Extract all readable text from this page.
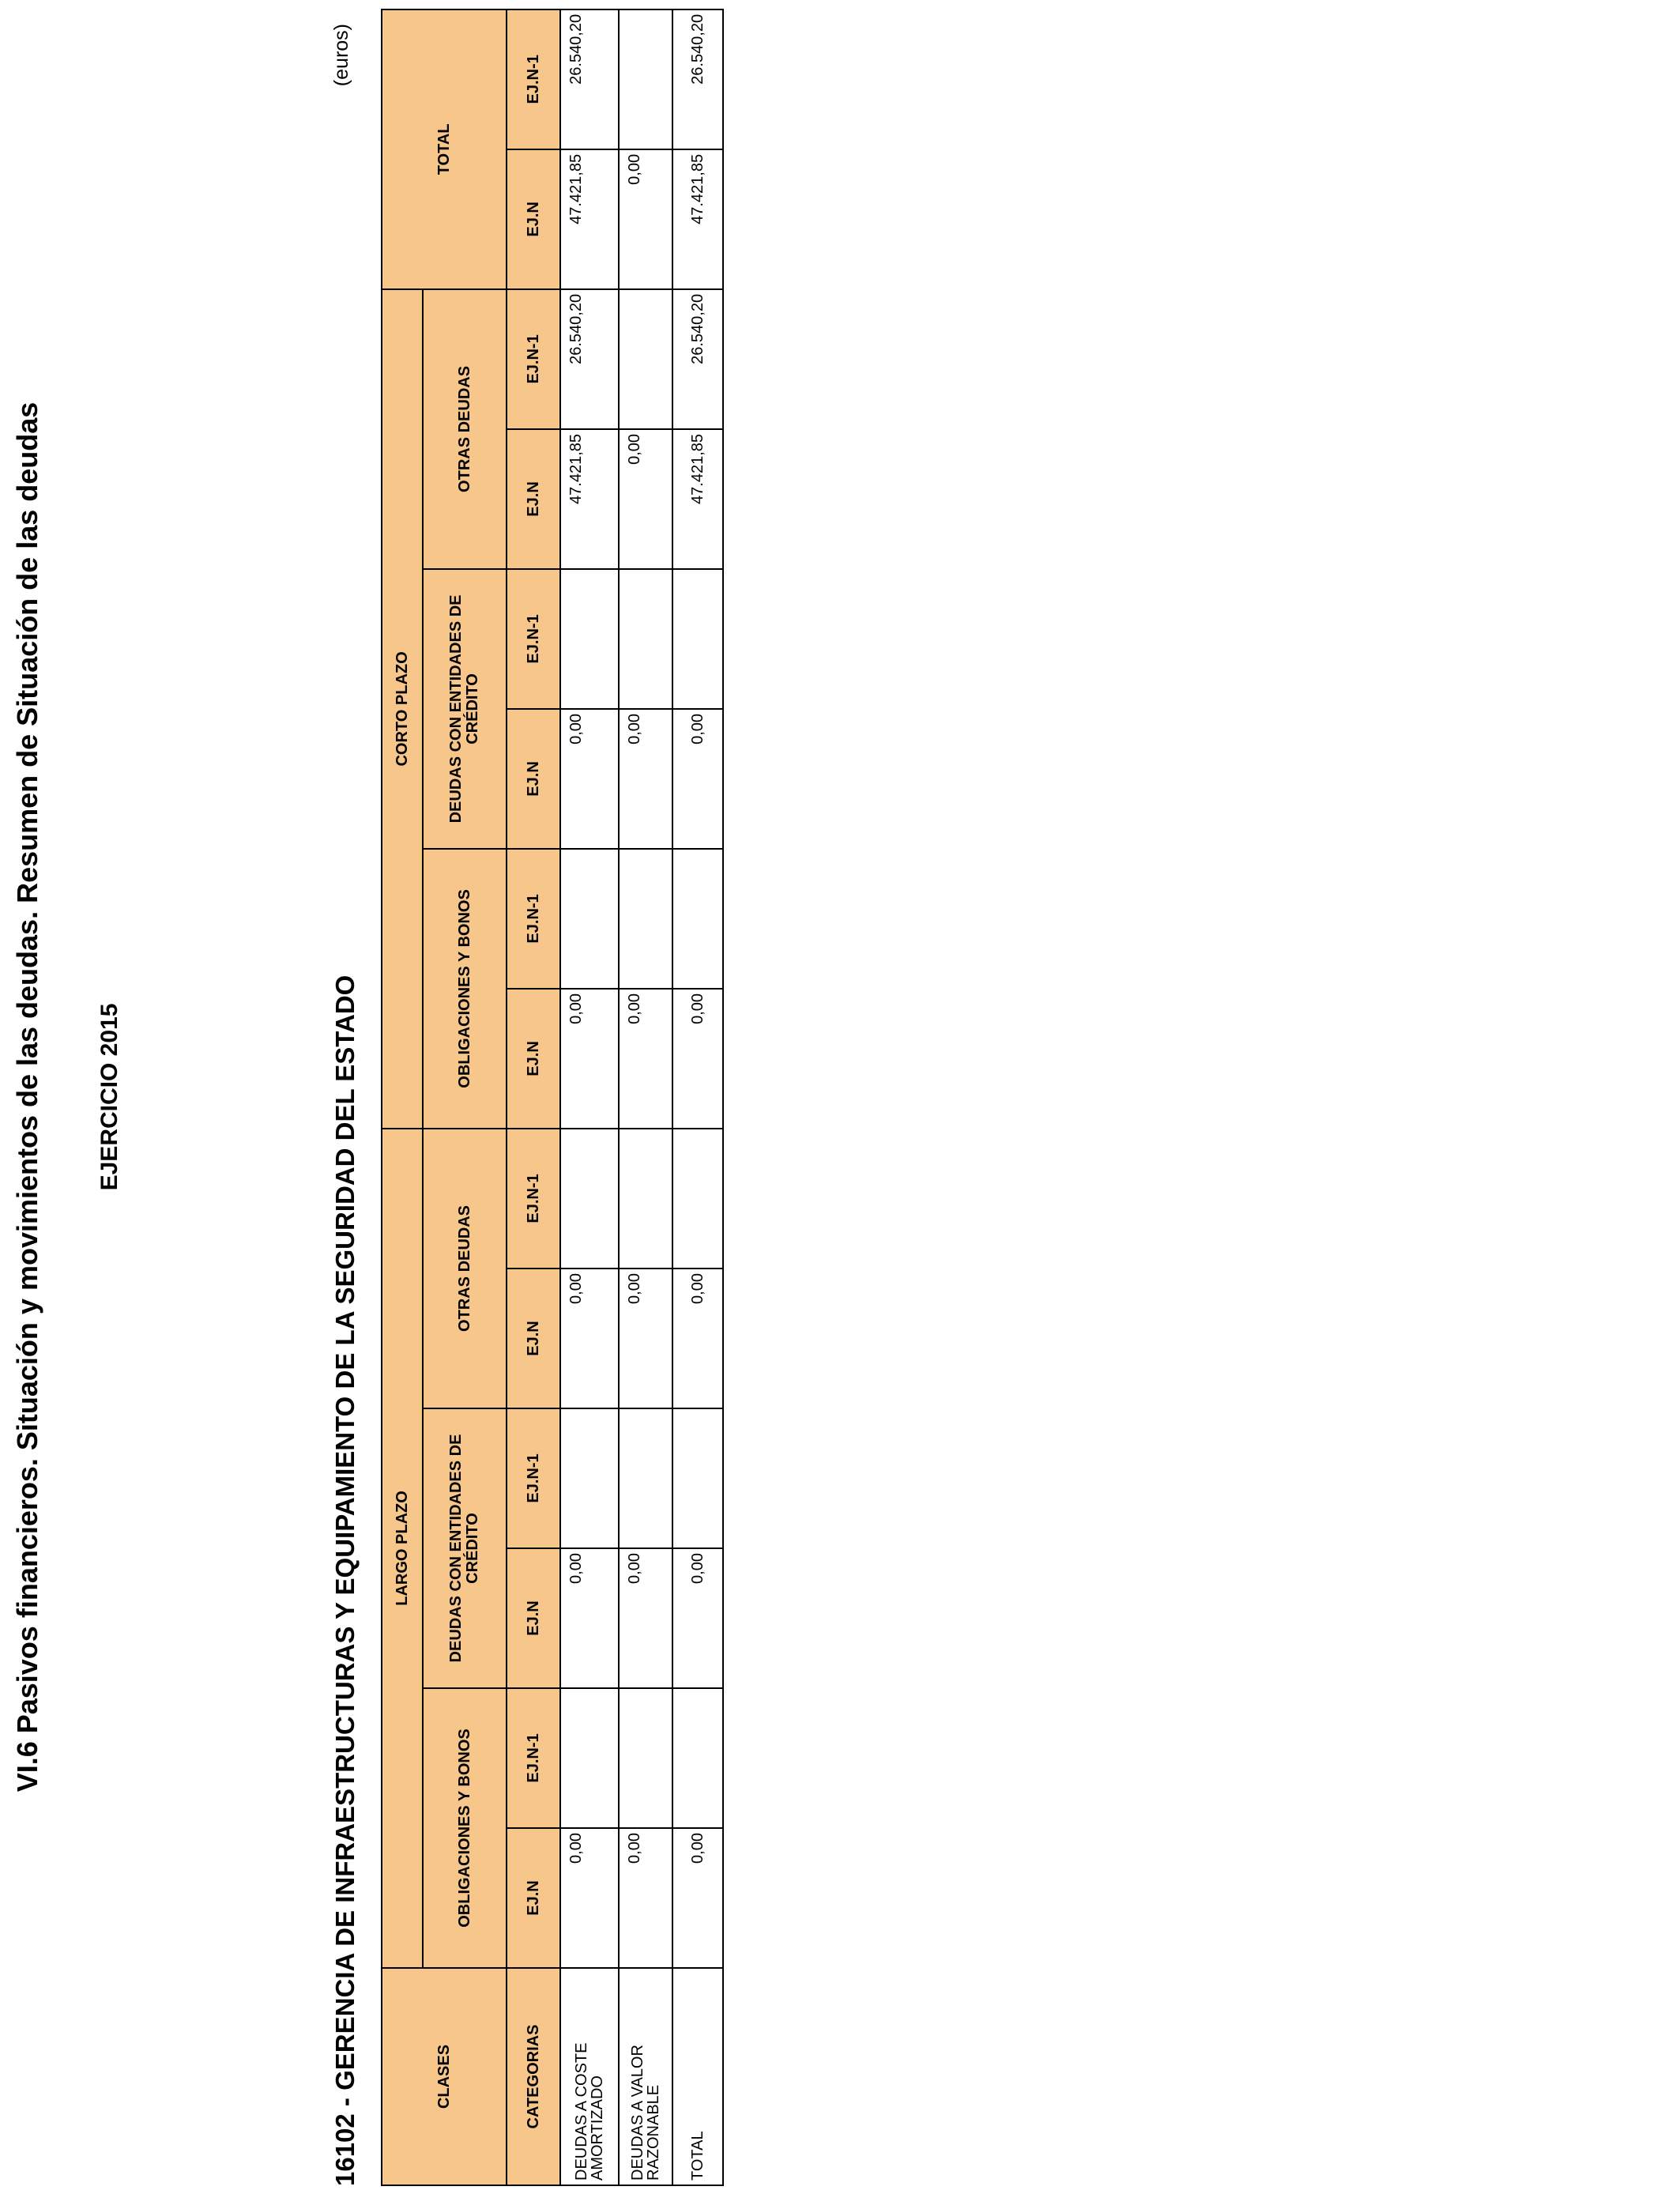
VI.6 Pasivos financieros. Situación y movimientos de las deudas. Resumen de Situación de las deudas EJERCICIO 2015	16102 - GERENCIA DE INFRAESTRUCTURAS Y EQUIPAMIENTO DE LA SEGURIDAD DEL ESTADO
(euros)
CLASES	LARGO PLAZO						CORTO PLAZO						TOTAL	
	OBLIGACIONES Y BONOS		DEUDAS CON ENTIDADES DE CRÉDITO		OTRAS DEUDAS		OBLIGACIONES Y BONOS		DEUDAS CON ENTIDADES DE CRÉDITO		OTRAS DEUDAS			
CATEGORIAS	EJ.N	EJ.N-1	EJ.N	EJ.N-1	EJ.N	EJ.N-1	EJ.N	EJ.N-1	EJ.N	EJ.N-1	EJ.N	EJ.N-1	EJ.N	EJ.N-1
DEUDAS A COSTE AMORTIZADO	0,00		0,00		0,00		0,00		0,00		47.421,85	26.540,20	47.421,85	26.540,20
DEUDAS A VALOR RAZONABLE	0,00		0,00		0,00		0,00		0,00		0,00		0,00	
TOTAL	0,00		0,00		0,00		0,00		0,00		47.421,85	26.540,20	47.421,85	26.540,20
